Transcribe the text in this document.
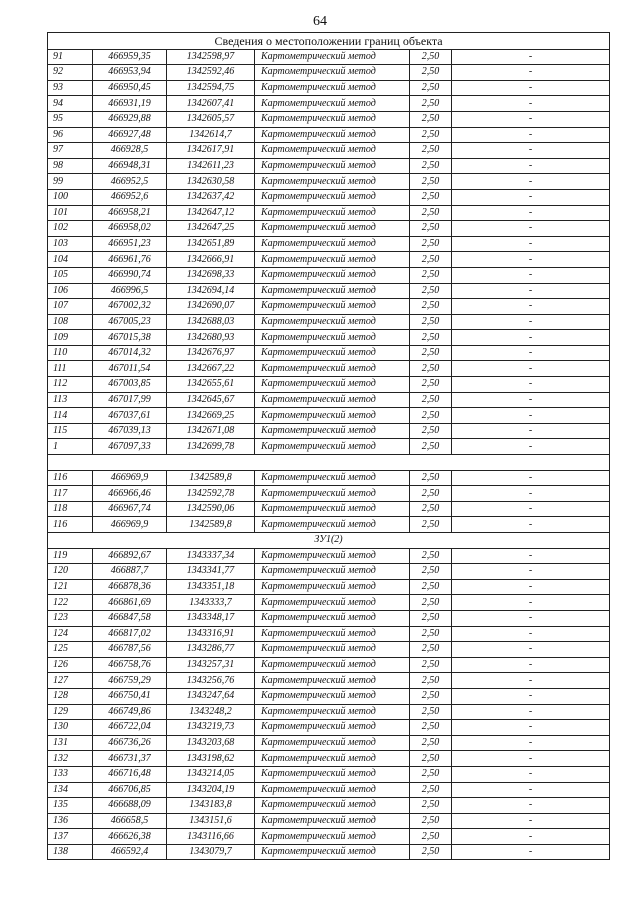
64
Сведения о местоположении границ объекта					
91	466959,35	1342598,97	Картометрический метод	2,50	-
92	466953,94	1342592,46	Картометрический метод	2,50	-
93	466950,45	1342594,75	Картометрический метод	2,50	-
94	466931,19	1342607,41	Картометрический метод	2,50	-
95	466929,88	1342605,57	Картометрический метод	2,50	-
96	466927,48	1342614,7	Картометрический метод	2,50	-
97	466928,5	1342617,91	Картометрический метод	2,50	-
98	466948,31	1342611,23	Картометрический метод	2,50	-
99	466952,5	1342630,58	Картометрический метод	2,50	-
100	466952,6	1342637,42	Картометрический метод	2,50	-
101	466958,21	1342647,12	Картометрический метод	2,50	-
102	466958,02	1342647,25	Картометрический метод	2,50	-
103	466951,23	1342651,89	Картометрический метод	2,50	-
104	466961,76	1342666,91	Картометрический метод	2,50	-
105	466990,74	1342698,33	Картометрический метод	2,50	-
106	466996,5	1342694,14	Картометрический метод	2,50	-
107	467002,32	1342690,07	Картометрический метод	2,50	-
108	467005,23	1342688,03	Картометрический метод	2,50	-
109	467015,38	1342680,93	Картометрический метод	2,50	-
110	467014,32	1342676,97	Картометрический метод	2,50	-
111	467011,54	1342667,22	Картометрический метод	2,50	-
112	467003,85	1342655,61	Картометрический метод	2,50	-
113	467017,99	1342645,67	Картометрический метод	2,50	-
114	467037,61	1342669,25	Картометрический метод	2,50	-
115	467039,13	1342671,08	Картометрический метод	2,50	-
1	467097,33	1342699,78	Картометрический метод	2,50	-

116	466969,9	1342589,8	Картометрический метод	2,50	-
117	466966,46	1342592,78	Картометрический метод	2,50	-
118	466967,74	1342590,06	Картометрический метод	2,50	-
116	466969,9	1342589,8	Картометрический метод	2,50	-
ЗУ1(2)					
119	466892,67	1343337,34	Картометрический метод	2,50	-
120	466887,7	1343341,77	Картометрический метод	2,50	-
121	466878,36	1343351,18	Картометрический метод	2,50	-
122	466861,69	1343333,7	Картометрический метод	2,50	-
123	466847,58	1343348,17	Картометрический метод	2,50	-
124	466817,02	1343316,91	Картометрический метод	2,50	-
125	466787,56	1343286,77	Картометрический метод	2,50	-
126	466758,76	1343257,31	Картометрический метод	2,50	-
127	466759,29	1343256,76	Картометрический метод	2,50	-
128	466750,41	1343247,64	Картометрический метод	2,50	-
129	466749,86	1343248,2	Картометрический метод	2,50	-
130	466722,04	1343219,73	Картометрический метод	2,50	-
131	466736,26	1343203,68	Картометрический метод	2,50	-
132	466731,37	1343198,62	Картометрический метод	2,50	-
133	466716,48	1343214,05	Картометрический метод	2,50	-
134	466706,85	1343204,19	Картометрический метод	2,50	-
135	466688,09	1343183,8	Картометрический метод	2,50	-
136	466658,5	1343151,6	Картометрический метод	2,50	-
137	466626,38	1343116,66	Картометрический метод	2,50	-
138	466592,4	1343079,7	Картометрический метод	2,50	-
